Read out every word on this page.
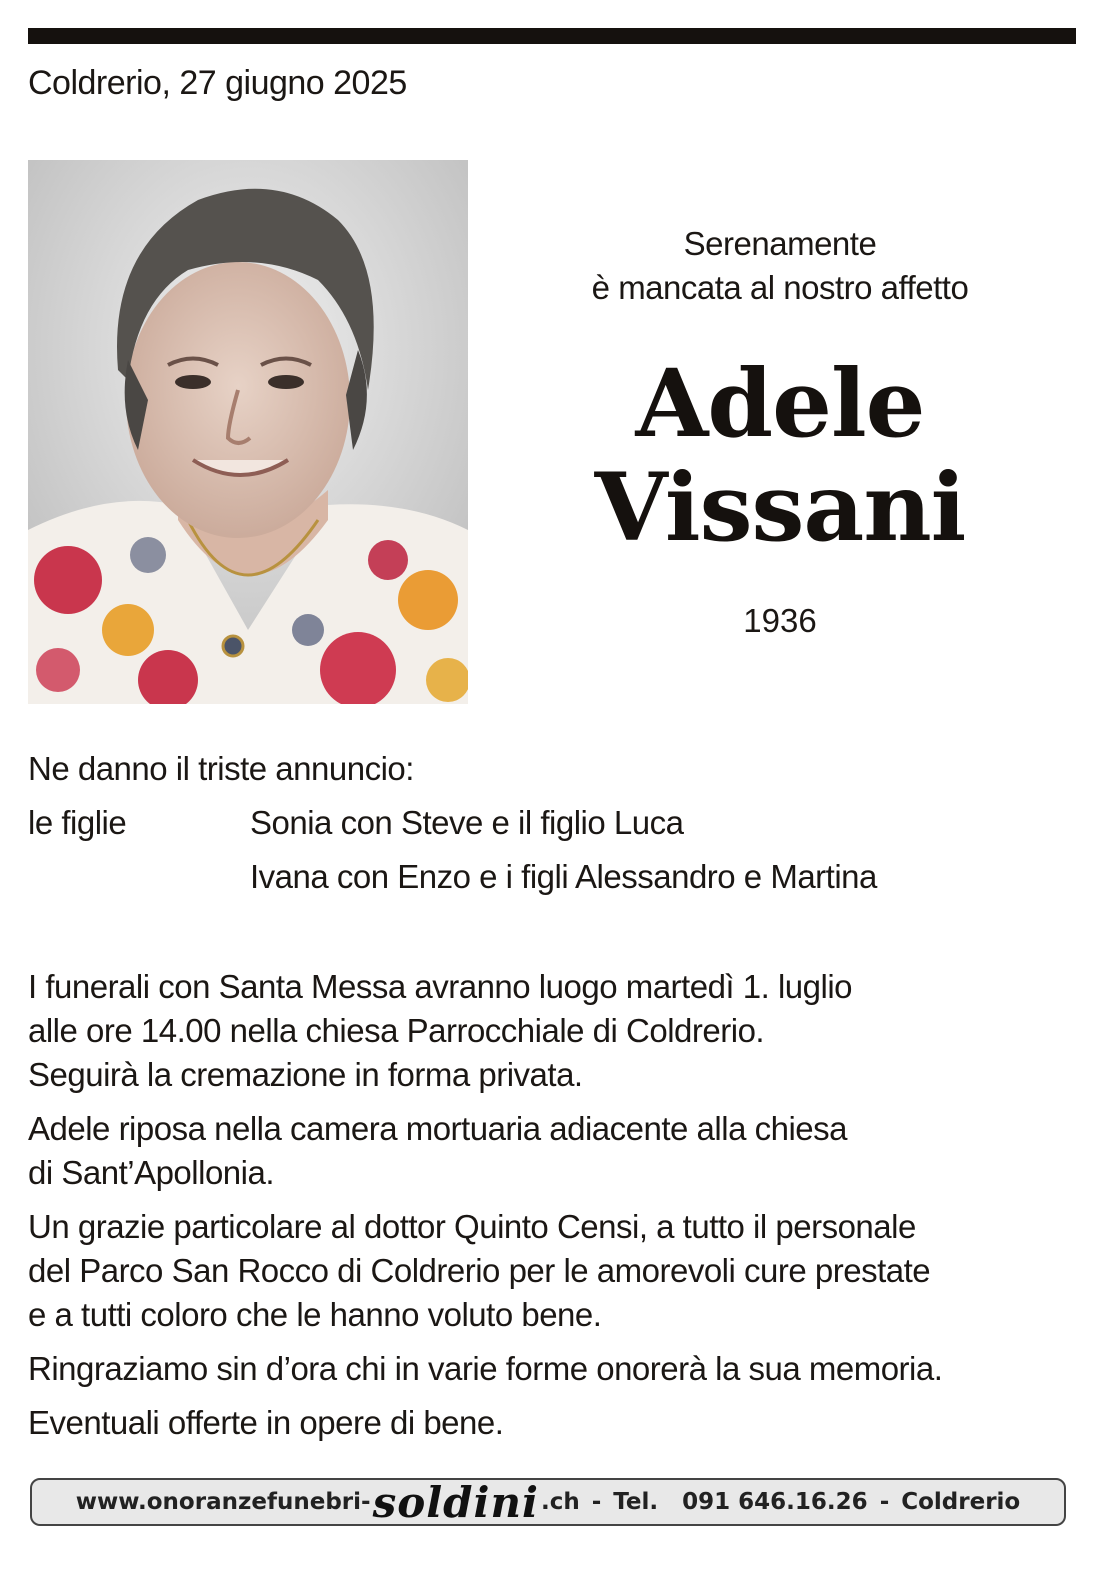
Coldrerio, 27 giugno 2025
Serenamente
è mancata al nostro affetto
Adele
Vissani
1936
Ne danno il triste annuncio:
le figlie	Sonia con Steve e il figlio Luca
Ivana con Enzo e i figli Alessandro e Martina
I funerali con Santa Messa avranno luogo martedì 1. luglio
alle ore 14.00 nella chiesa Parrocchiale di Coldrerio.
Seguirà la cremazione in forma privata.
Adele riposa nella camera mortuaria adiacente alla chiesa
di Sant’Apollonia.
Un grazie particolare al dottor Quinto Censi, a tutto il personale
del Parco San Rocco di Coldrerio per le amorevoli cure prestate
e a tutti coloro che le hanno voluto bene.
Ringraziamo sin d’ora chi in varie forme onorerà la sua memoria.
Eventuali offerte in opere di bene.
www.onoranzefunebri- soldini .ch - Tel. 091 646.16.26 - Coldrerio
